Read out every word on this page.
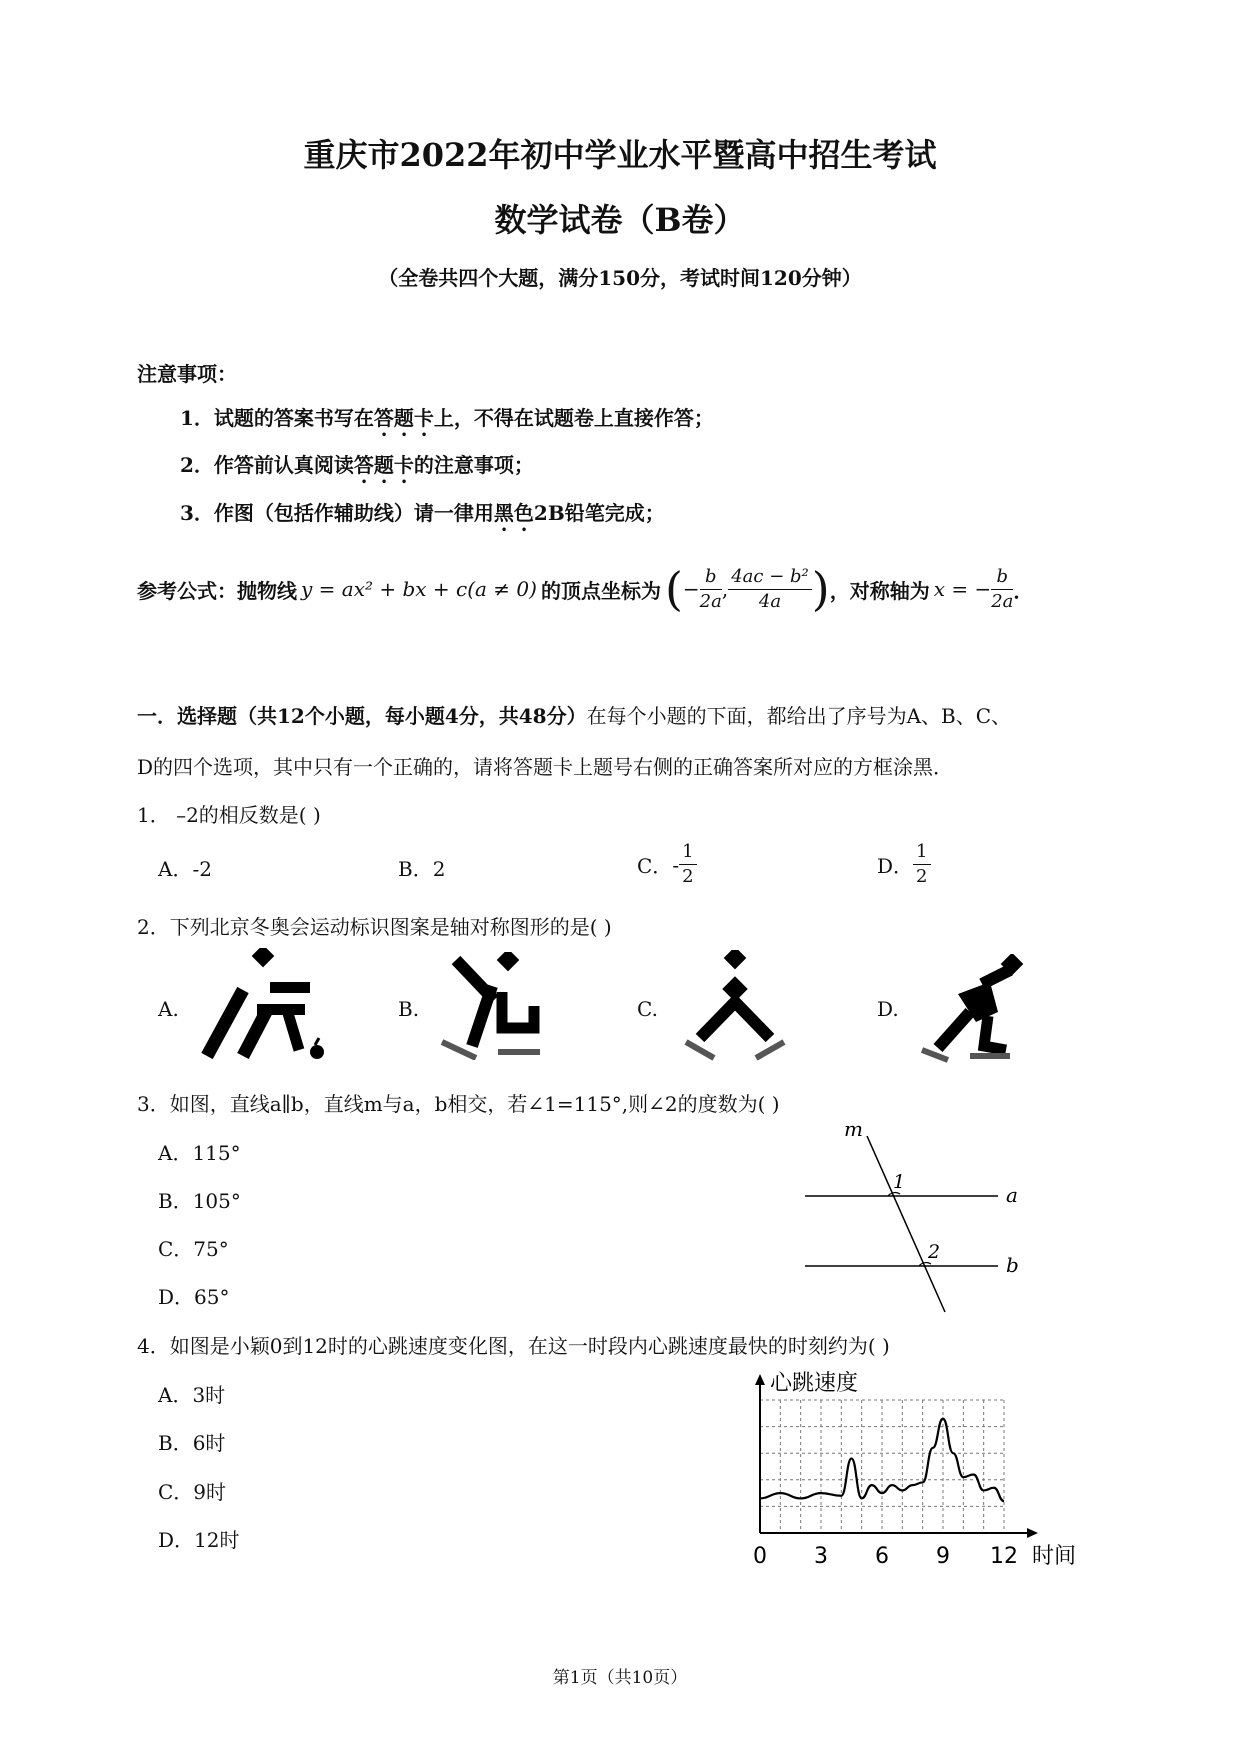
重庆市2022年初中学业水平暨高中招生考试
数学试卷（B卷）
（全卷共四个大题，满分150分，考试时间120分钟）
注意事项：
1．试题的答案书写在答题卡上，不得在试题卷上直接作答；
2．作答前认真阅读答题卡的注意事项；
3．作图（包括作辅助线）请一律用黑色2B铅笔完成；
参考公式：抛物线 y = ax² + bx + c(a ≠ 0) 的顶点坐标为 ( − $\frac{b}{2a}$ , $\frac{\text{4ac − b²}}{4a}$ ) ，对称轴为 x = − $\frac{b}{2a}$ ．
一．选择题（共12个小题，每小题4分，共48分）在每个小题的下面，都给出了序号为A、B、C、
D的四个选项，其中只有一个正确的，请将答题卡上题号右侧的正确答案所对应的方框涂黑．
1． –2的相反数是( )
A．-2	B．2	C． - $\frac{1}{2}$	D． $\frac{1}{2}$
2．下列北京冬奥会运动标识图案是轴对称图形的是( )
A.	B.	C.	D.
3．如图，直线a∥b，直线m与a，b相交，若∠1=115°,则∠2的度数为( )
A．115°
B．105°
C．75°
D．65°
m
1
2
a
b
4．如图是小颖0到12时的心跳速度变化图，在这一时段内心跳速度最快的时刻约为( )
A．3时
B．6时
C．9时
D．12时
心跳速度
时间
0 3 6 9 12
第1页（共10页）
